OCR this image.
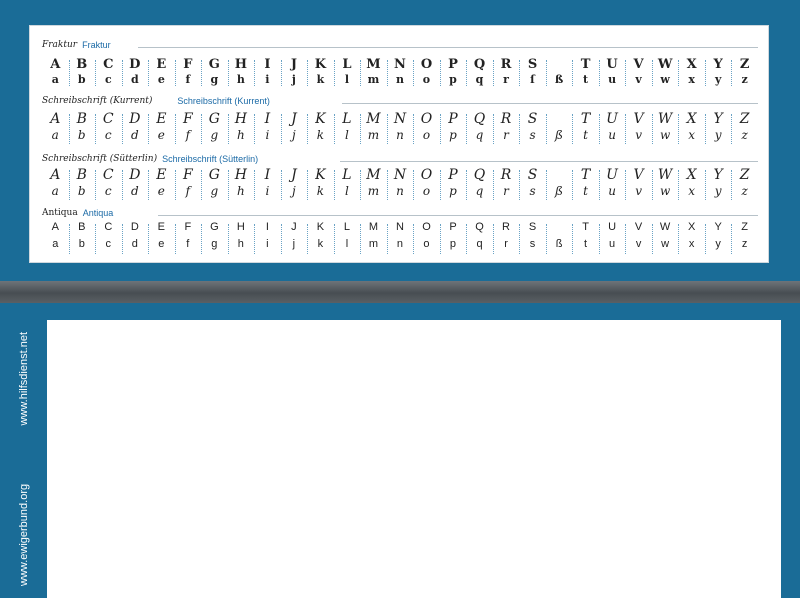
Fraktur Fraktur
A
a
B
b
C
c
D
d
E
e
F
f
G
g
H
h
I
i
J
j
K
k
L
l
M
m
N
n
O
o
P
p
Q
q
R
r
S
ſ
ß
T
t
U
u
V
v
W
w
X
x
Y
y
Z
z
Schreibschrift (Kurrent)	Schreibschrift (Kurrent)
A
a
B
b
C
c
D
d
E
e
F
f
G
g
H
h
I
i
J
j
K
k
L
l
M
m
N
n
O
o
P
p
Q
q
R
r
S
s
ß
T
t
U
u
V
v
W
w
X
x
Y
y
Z
z
Schreibschrift (Sütterlin) Schreibschrift (Sütterlin)
A
a
B
b
C
c
D
d
E
e
F
f
G
g
H
h
I
i
J
j
K
k
L
l
M
m
N
n
O
o
P
p
Q
q
R
r
S
s
ß
T
t
U
u
V
v
W
w
X
x
Y
y
Z
z
Antiqua Antiqua
A
a
B
b
C
c
D
d
E
e
F
f
G
g
H
h
I
i
J
j
K
k
L
l
M
m
N
n
O
o
P
p
Q
q
R
r
S
s
ß
T
t
U
u
V
v
W
w
X
x
Y
y
Z
z
www.ewigerbund.org
www.hilfsdienst.net
